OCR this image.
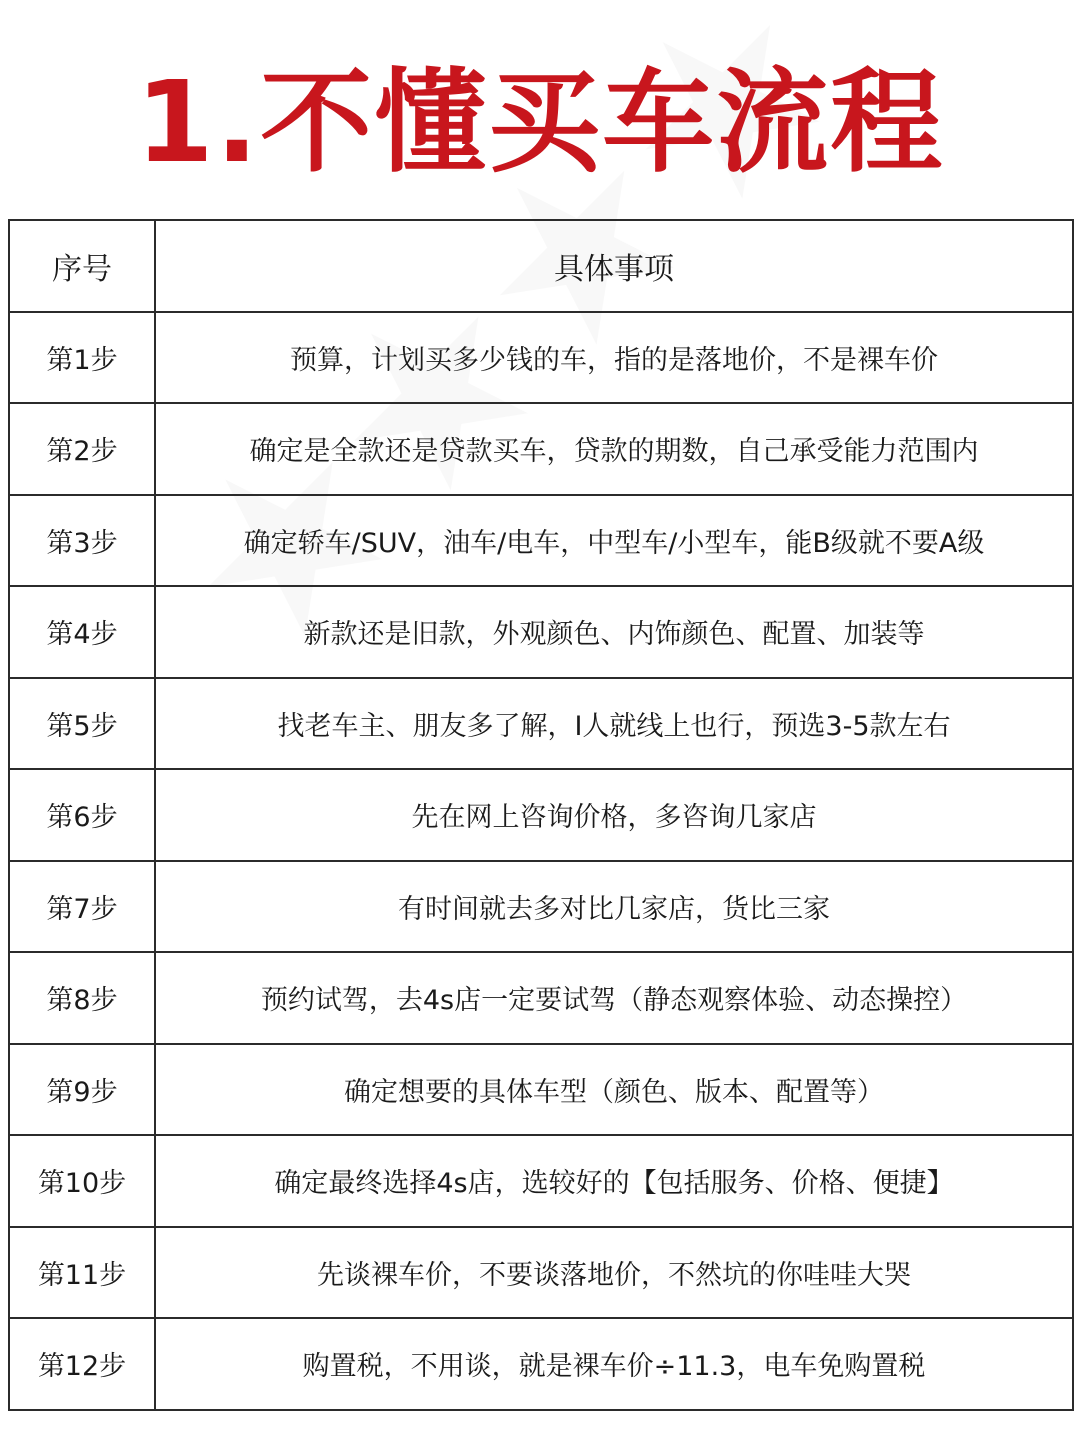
1.不懂买车流程
序号	具体事项
第1步	预算，计划买多少钱的车，指的是落地价，不是裸车价
第2步	确定是全款还是贷款买车，贷款的期数，自己承受能力范围内
第3步	确定轿车/SUV，油车/电车，中型车/小型车，能B级就不要A级
第4步	新款还是旧款，外观颜色、内饰颜色、配置、加装等
第5步	找老车主、朋友多了解，I人就线上也行，预选3-5款左右
第6步	先在网上咨询价格，多咨询几家店
第7步	有时间就去多对比几家店，货比三家
第8步	预约试驾，去4s店一定要试驾（静态观察体验、动态操控）
第9步	确定想要的具体车型（颜色、版本、配置等）
第10步	确定最终选择4s店，选较好的【包括服务、价格、便捷】
第11步	先谈裸车价，不要谈落地价，不然坑的你哇哇大哭
第12步	购置税，不用谈，就是裸车价÷11.3，电车免购置税
